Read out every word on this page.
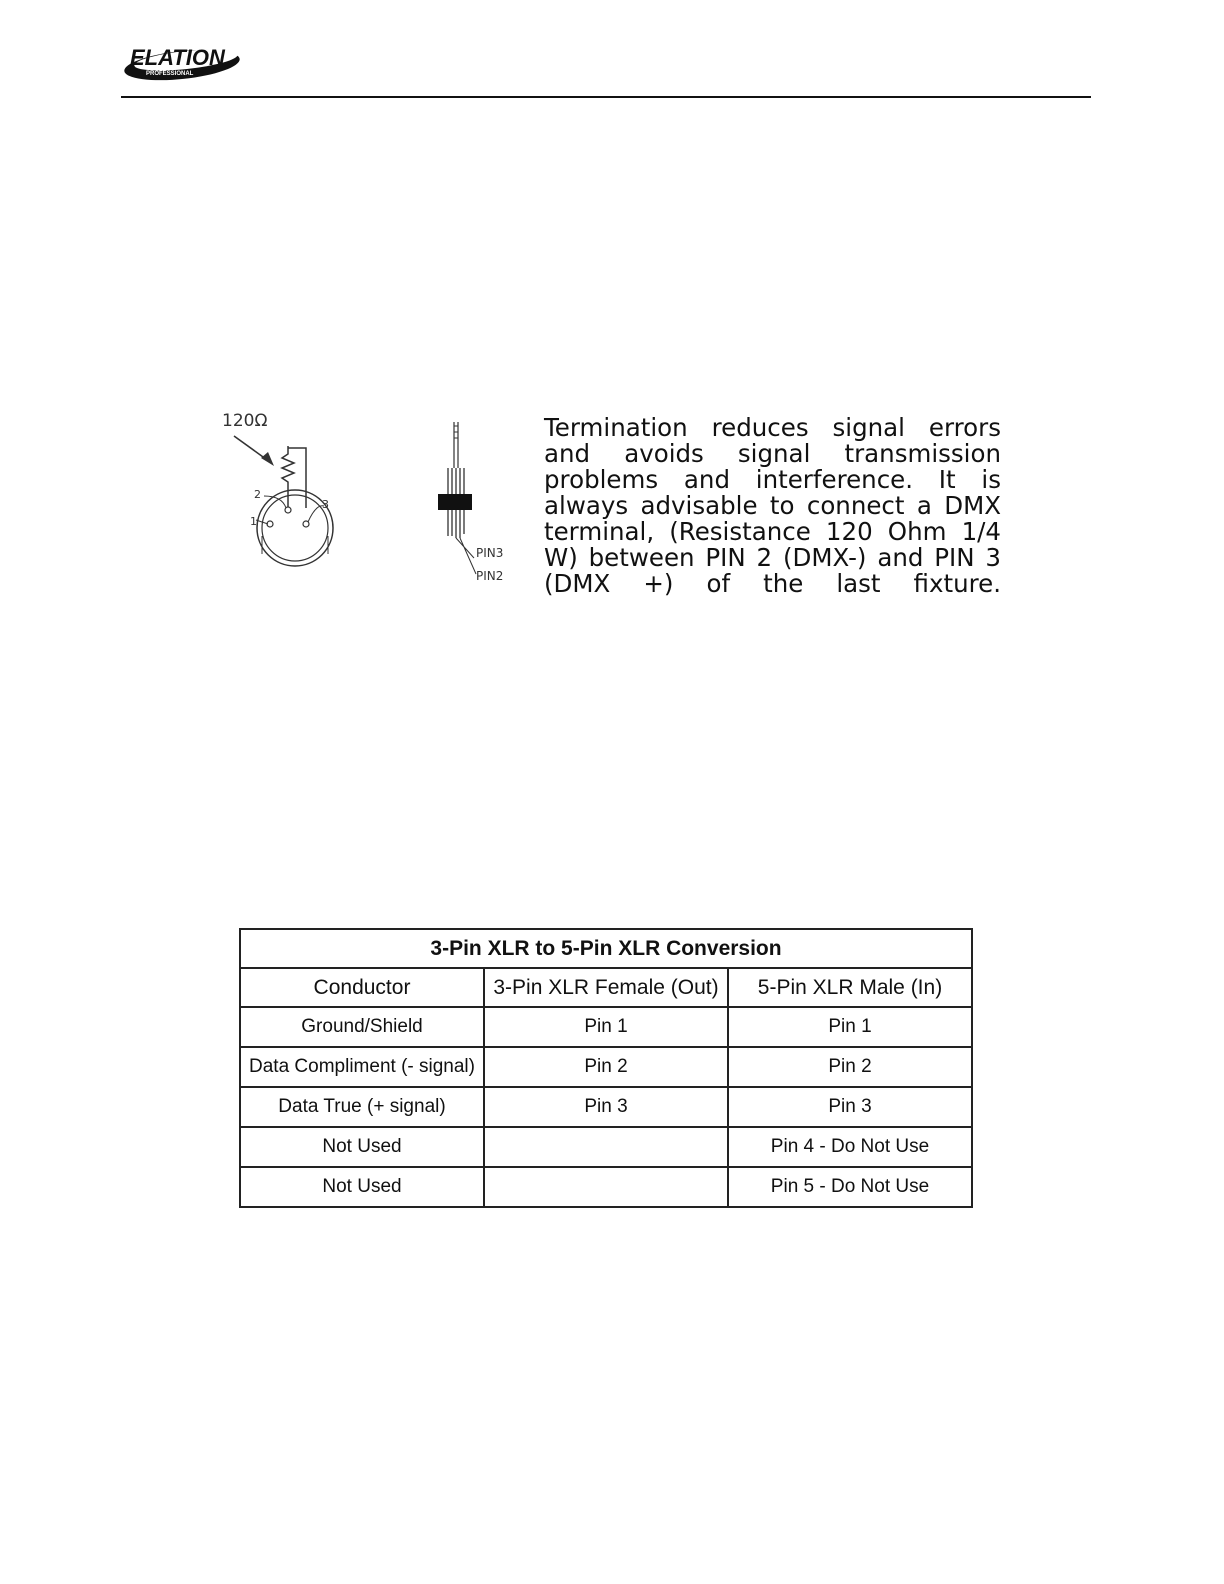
ELATION
PROFESSIONAL
120Ω
1
2
3
PIN3
PIN2

Termination reduces signal errors and avoids signal transmission problems and interference. It is always advisable to connect a DMX terminal, (Resistance 120 Ohm 1/4 W) between PIN 2 (DMX-) and PIN 3 (DMX +) of the last fixture.

3-Pin XLR to 5-Pin XLR Conversion		
Conductor	3-Pin XLR Female (Out)	5-Pin XLR Male (In)
Ground/Shield	Pin 1	Pin 1
Data Compliment (- signal)	Pin 2	Pin 2
Data True (+ signal)	Pin 3	Pin 3
Not Used		Pin 4 - Do Not Use
Not Used		Pin 5 - Do Not Use
